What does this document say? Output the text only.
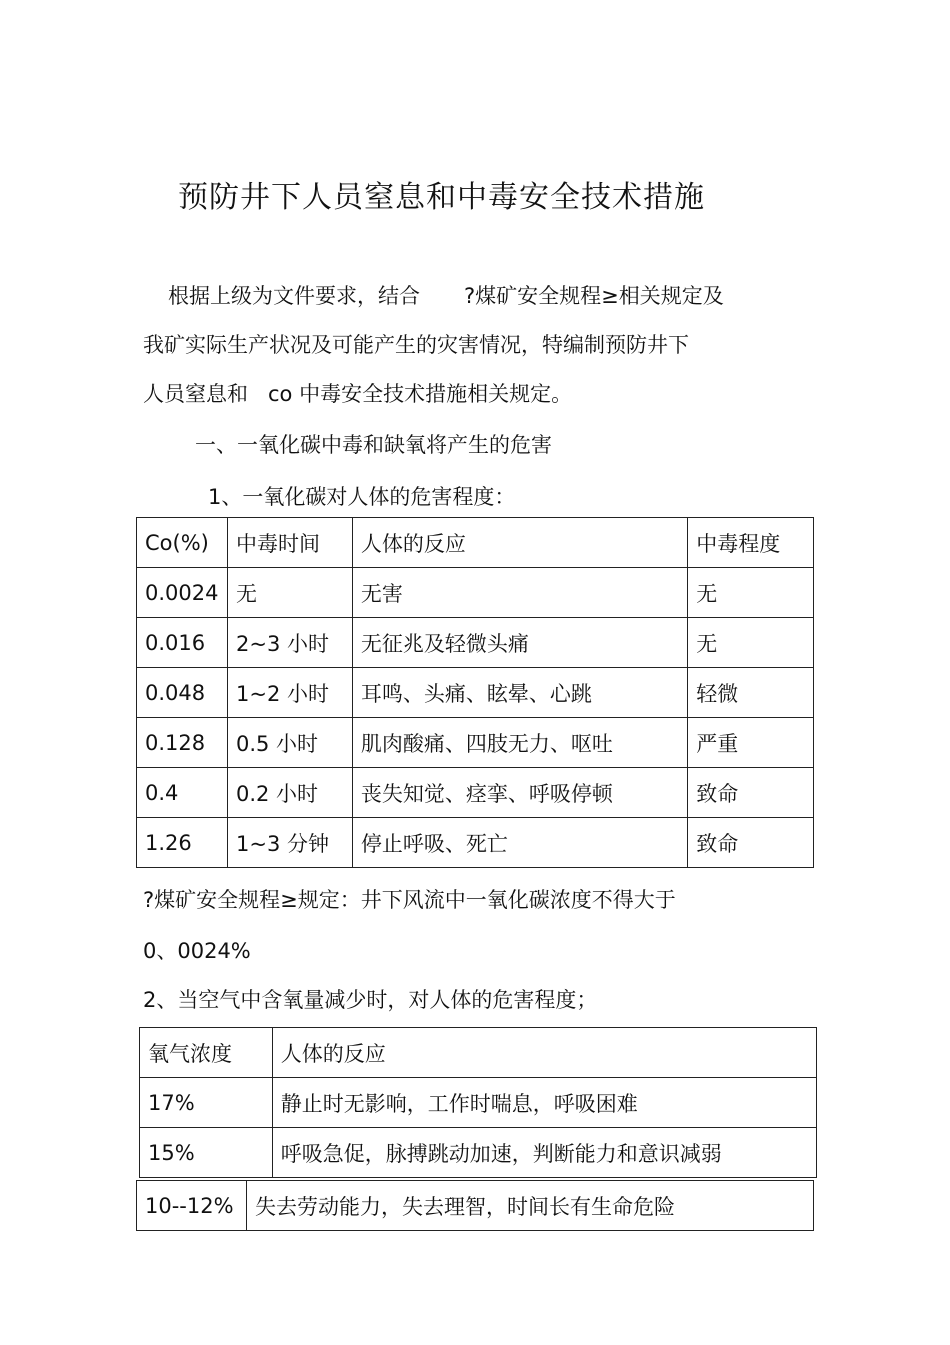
预防井下人员窒息和中毒安全技术措施
根据上级为文件要求，结合 ?煤矿安全规程≥相关规定及
我矿实际生产状况及可能产生的灾害情况，特编制预防井下
人员窒息和 co 中毒安全技术措施相关规定。
一、一氧化碳中毒和缺氧将产生的危害
1、一氧化碳对人体的危害程度：
Co(%)	中毒时间	人体的反应	中毒程度
0.0024	无	无害	无
0.016	2~3 小时	无征兆及轻微头痛	无
0.048	1~2 小时	耳鸣、头痛、眩晕、心跳	轻微
0.128	0.5 小时	肌肉酸痛、四肢无力、呕吐	严重
0.4	0.2 小时	丧失知觉、痉挛、呼吸停顿	致命
1.26	1~3 分钟	停止呼吸、死亡	致命
?煤矿安全规程≥规定：井下风流中一氧化碳浓度不得大于
0、0024%
2、当空气中含氧量减少时，对人体的危害程度；
氧气浓度	人体的反应
17%	静止时无影响，工作时喘息，呼吸困难
15%	呼吸急促，脉搏跳动加速，判断能力和意识减弱
10--12%	失去劳动能力，失去理智，时间长有生命危险
